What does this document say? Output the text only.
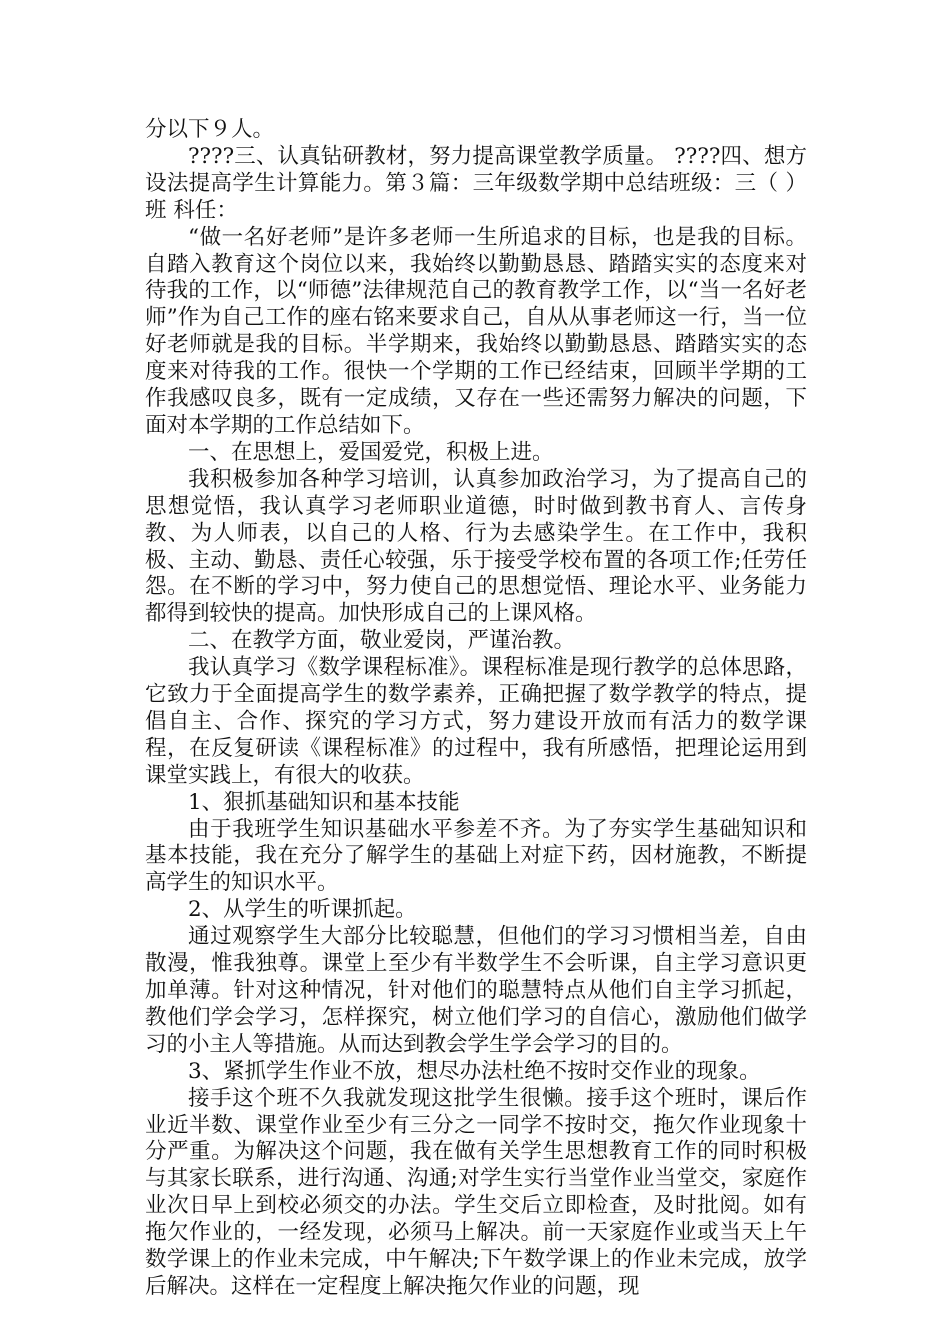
分以下９人。

????三、认真钻研教材，努力提高课堂教学质量。 ????四、想方设法提高学生计算能力。第３篇：三年级数学期中总结班级：三（ ）班 科任：

“做一名好老师”是许多老师一生所追求的目标，也是我的目标。自踏入教育这个岗位以来，我始终以勤勤恳恳、踏踏实实的态度来对待我的工作，以“师德”法律规范自己的教育教学工作，以“当一名好老师”作为自己工作的座右铭来要求自己，自从从事老师这一行，当一位好老师就是我的目标。半学期来，我始终以勤勤恳恳、踏踏实实的态度来对待我的工作。很快一个学期的工作已经结束，回顾半学期的工作我感叹良多，既有一定成绩，又存在一些还需努力解决的问题，下面对本学期的工作总结如下。

一、在思想上，爱国爱党，积极上进。

我积极参加各种学习培训，认真参加政治学习，为了提高自己的思想觉悟，我认真学习老师职业道德，时时做到教书育人、言传身教、为人师表，以自己的人格、行为去感染学生。在工作中，我积极、主动、勤恳、责任心较强，乐于接受学校布置的各项工作;任劳任怨。在不断的学习中，努力使自己的思想觉悟、理论水平、业务能力都得到较快的提高。加快形成自己的上课风格。

二、在教学方面，敬业爱岗，严谨治教。

我认真学习《数学课程标准》。课程标准是现行教学的总体思路，它致力于全面提高学生的数学素养，正确把握了数学教学的特点，提倡自主、合作、探究的学习方式，努力建设开放而有活力的数学课程，在反复研读《课程标准》的过程中，我有所感悟，把理论运用到课堂实践上，有很大的收获。

1、狠抓基础知识和基本技能

由于我班学生知识基础水平参差不齐。为了夯实学生基础知识和基本技能，我在充分了解学生的基础上对症下药，因材施教，不断提高学生的知识水平。

2、从学生的听课抓起。

通过观察学生大部分比较聪慧，但他们的学习习惯相当差，自由散漫，惟我独尊。课堂上至少有半数学生不会听课，自主学习意识更加单薄。针对这种情况，针对他们的聪慧特点从他们自主学习抓起，教他们学会学习，怎样探究，树立他们学习的自信心，激励他们做学习的小主人等措施。从而达到教会学生学会学习的目的。

3、紧抓学生作业不放，想尽办法杜绝不按时交作业的现象。

接手这个班不久我就发现这批学生很懒。接手这个班时，课后作业近半数、课堂作业至少有三分之一同学不按时交，拖欠作业现象十分严重。为解决这个问题，我在做有关学生思想教育工作的同时积极与其家长联系，进行沟通、沟通;对学生实行当堂作业当堂交，家庭作业次日早上到校必须交的办法。学生交后立即检查，及时批阅。如有拖欠作业的，一经发现，必须马上解决。前一天家庭作业或当天上午数学课上的作业未完成，中午解决;下午数学课上的作业未完成，放学后解决。这样在一定程度上解决拖欠作业的问题，现
